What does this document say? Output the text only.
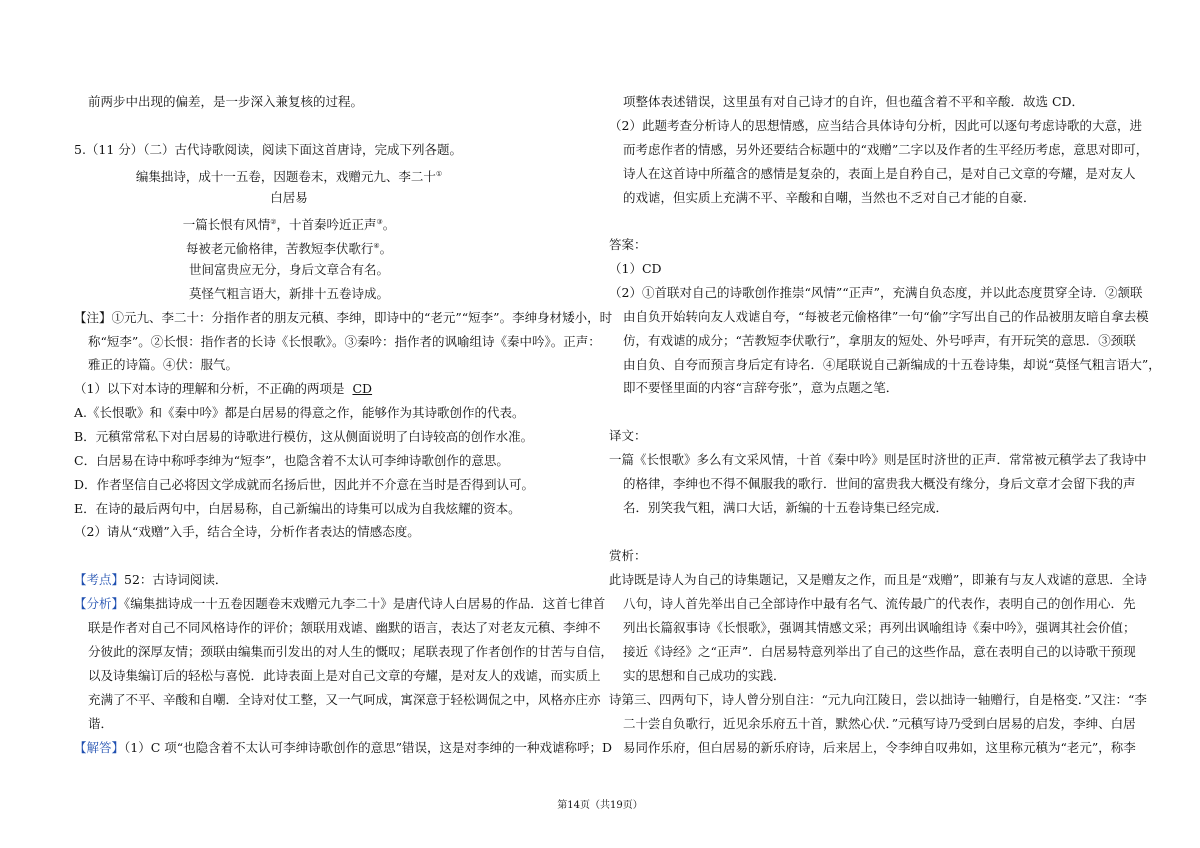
前两步中出现的偏差，是一步深入兼复核的过程。
5.（11 分）（二）古代诗歌阅读，阅读下面这首唐诗，完成下列各题。
编集拙诗，成十一五卷，因题卷末，戏赠元九、李二十①
白居易
一篇长恨有风情②，十首秦吟近正声③。
每被老元偷格律，苦教短李伏歌行④。
世间富贵应无分，身后文章合有名。
莫怪气粗言语大，新排十五卷诗成。
【注】①元九、李二十：分指作者的朋友元稹、李绅，即诗中的“老元”“短李”。李绅身材矮小，时
称“短李”。②长恨：指作者的长诗《长恨歌》。③秦吟：指作者的讽喻组诗《秦中吟》。正声：
雅正的诗篇。④伏：服气。
（1）以下对本诗的理解和分析，不正确的两项是 CD
A.《长恨歌》和《秦中吟》都是白居易的得意之作，能够作为其诗歌创作的代表。
B．元稹常常私下对白居易的诗歌进行模仿，这从侧面说明了白诗较高的创作水准。
C．白居易在诗中称呼李绅为“短李”，也隐含着不太认可李绅诗歌创作的意思。
D．作者坚信自己必将因文学成就而名扬后世，因此并不介意在当时是否得到认可。
E．在诗的最后两句中，白居易称，自己新编出的诗集可以成为自我炫耀的资本。
（2）请从“戏赠”入手，结合全诗，分析作者表达的情感态度。
【考点】52：古诗词阅读．
【分析】《编集拙诗成一十五卷因题卷末戏赠元九李二十》是唐代诗人白居易的作品．这首七律首
联是作者对自己不同风格诗作的评价；颔联用戏谑、幽默的语言，表达了对老友元稹、李绅不
分彼此的深厚友情；颈联由编集而引发出的对人生的慨叹；尾联表现了作者创作的甘苦与自信，
以及诗集编订后的轻松与喜悦．此诗表面上是对自己文章的夸耀，是对友人的戏谑，而实质上
充满了不平、辛酸和自嘲．全诗对仗工整，又一气呵成，寓深意于轻松调侃之中，风格亦庄亦
谐．
【解答】（1）C 项“也隐含着不太认可李绅诗歌创作的意思”错误，这是对李绅的一种戏谑称呼；D
项整体表述错误，这里虽有对自己诗才的自许，但也蕴含着不平和辛酸．故选 CD．
（2）此题考查分析诗人的思想情感，应当结合具体诗句分析，因此可以逐句考虑诗歌的大意，进
而考虑作者的情感，另外还要结合标题中的“戏赠”二字以及作者的生平经历考虑，意思对即可，
诗人在这首诗中所蕴含的感情是复杂的，表面上是自矜自己，是对自己文章的夸耀，是对友人
的戏谑，但实质上充满不平、辛酸和自嘲，当然也不乏对自己才能的自豪．
答案：
（1）CD
（2）①首联对自己的诗歌创作推崇“风情”“正声”，充满自负态度，并以此态度贯穿全诗．②颔联
由自负开始转向友人戏谑自夸，“每被老元偷格律”一句“偷”字写出自己的作品被朋友暗自拿去模
仿，有戏谑的成分；“苦教短李伏歌行”，拿朋友的短处、外号呼声，有开玩笑的意思．③颈联
由自负、自夸而预言身后定有诗名．④尾联说自己新编成的十五卷诗集，却说“莫怪气粗言语大”，
即不要怪里面的内容“言辞夸张”，意为点题之笔．
译文：
一篇《长恨歌》多么有文采风情，十首《秦中吟》则是匡时济世的正声．常常被元稹学去了我诗中
的格律，李绅也不得不佩服我的歌行．世间的富贵我大概没有缘分，身后文章才会留下我的声
名．别笑我气粗，满口大话，新编的十五卷诗集已经完成．
赏析：
此诗既是诗人为自己的诗集题记，又是赠友之作，而且是“戏赠”，即兼有与友人戏谑的意思．全诗
八句，诗人首先举出自己全部诗作中最有名气、流传最广的代表作，表明自己的创作用心．先
列出长篇叙事诗《长恨歌》，强调其情感文采；再列出讽喻组诗《秦中吟》，强调其社会价值；
接近《诗经》之“正声”．白居易特意列举出了自己的这些作品，意在表明自己的以诗歌干预现
实的思想和自己成功的实践．
诗第三、四两句下，诗人曾分别自注：“元九向江陵日，尝以拙诗一轴赠行，自是格变．”又注：“李
二十尝自负歌行，近见余乐府五十首，默然心伏．”元稹写诗乃受到白居易的启发，李绅、白居
易同作乐府，但白居易的新乐府诗，后来居上，令李绅自叹弗如，这里称元稹为“老元”，称李
第14页（共19页）
